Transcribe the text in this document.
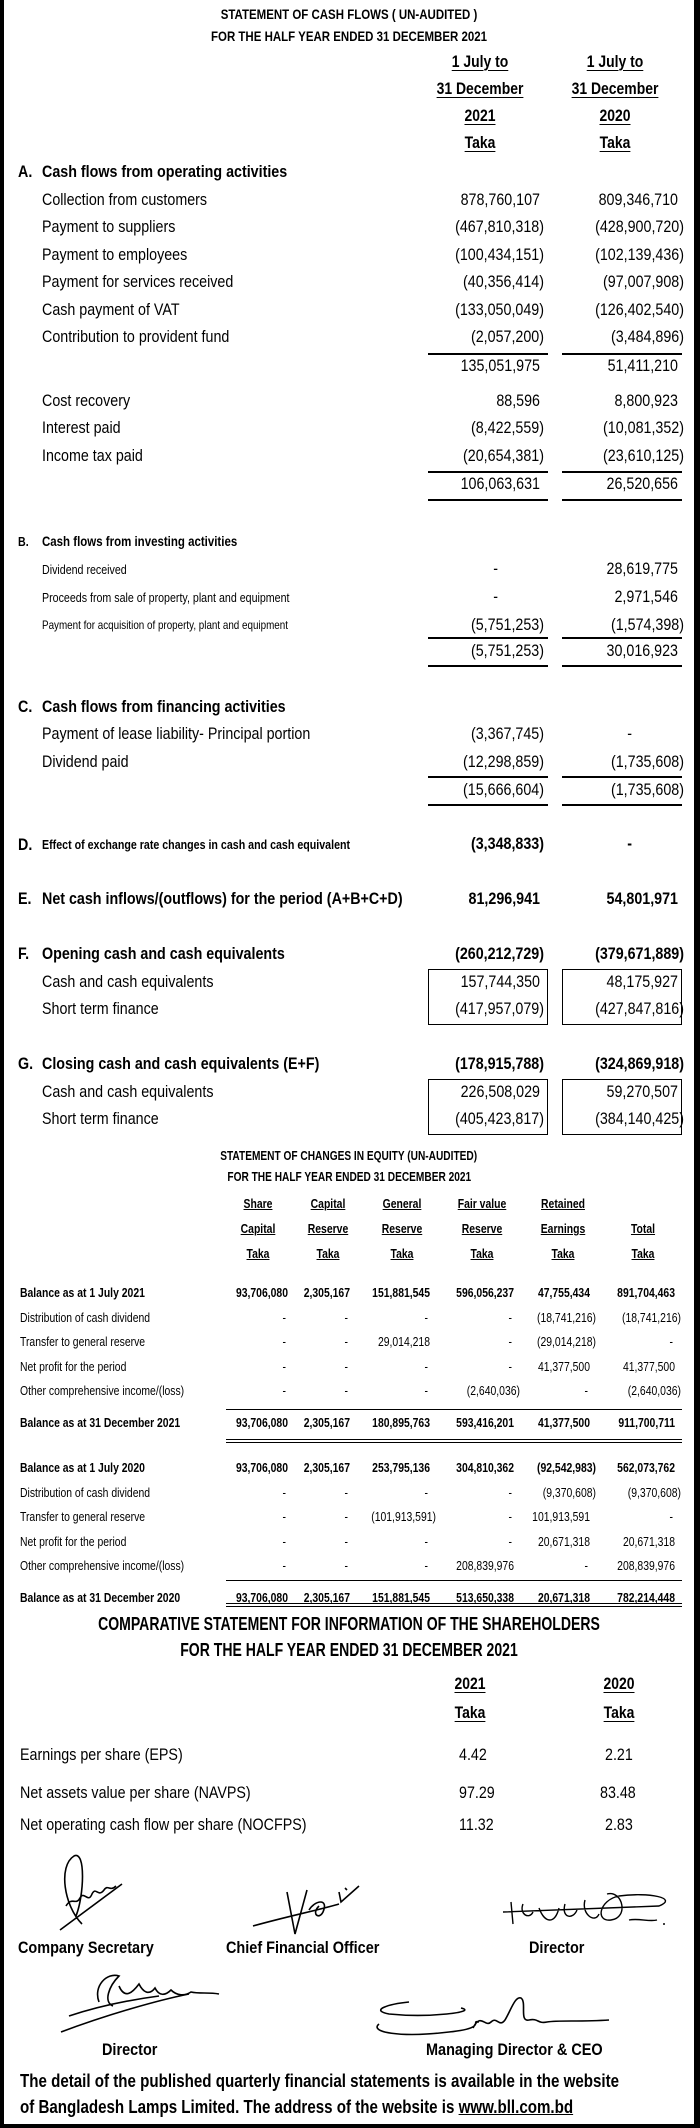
STATEMENT OF CASH FLOWS ( UN-AUDITED )
FOR THE HALF YEAR ENDED 31 DECEMBER 2021
1 July to
31 December
2021
Taka
1 July to
31 December
2020
Taka
A. Cash flows from operating activities
Collection from customers	878,760,107	809,346,710
Payment to suppliers	(467,810,318)	(428,900,720)
Payment to employees	(100,434,151)	(102,139,436)
Payment for services received	(40,356,414)	(97,007,908)
Cash payment of VAT	(133,050,049)	(126,402,540)
Contribution to provident fund	(2,057,200)	(3,484,896)
135,051,975	51,411,210
Cost recovery	88,596	8,800,923
Interest paid	(8,422,559)	(10,081,352)
Income tax paid	(20,654,381)	(23,610,125)
106,063,631	26,520,656
B. Cash flows from investing activities
Dividend received	-	28,619,775
Proceeds from sale of property, plant and equipment	-	2,971,546
Payment for acquisition of property, plant and equipment	(5,751,253)	(1,574,398)
(5,751,253)	30,016,923
C. Cash flows from financing activities
Payment of lease liability- Principal portion	(3,367,745)	-
Dividend paid	(12,298,859)	(1,735,608)
(15,666,604)	(1,735,608)
D. Effect of exchange rate changes in cash and cash equivalent	(3,348,833)	-
E. Net cash inflows/(outflows) for the period (A+B+C+D)	81,296,941	54,801,971
F. Opening cash and cash equivalents	(260,212,729)	(379,671,889)
Cash and cash equivalents	157,744,350	48,175,927
Short term finance	(417,957,079)	(427,847,816)
G. Closing cash and cash equivalents (E+F)	(178,915,788)	(324,869,918)
Cash and cash equivalents	226,508,029	59,270,507
Short term finance	(405,423,817)	(384,140,425)
STATEMENT OF CHANGES IN EQUITY (UN-AUDITED)
FOR THE HALF YEAR ENDED 31 DECEMBER 2021
Share
Capital
Taka
Capital
Reserve
Taka
General
Reserve
Taka
Fair value
Reserve
Taka
Retained
Earnings
Taka
Total
Taka
Balance as at 1 July 2021	93,706,080	2,305,167	151,881,545	596,056,237	47,755,434	891,704,463
Distribution of cash dividend	-	-	-	-	(18,741,216)	(18,741,216)
Transfer to general reserve	-	-	29,014,218	-	(29,014,218)	-
Net profit for the period	-	-	-	-	41,377,500	41,377,500
Other comprehensive income/(loss)	-	-	-	(2,640,036)	-	(2,640,036)
Balance as at 31 December 2021	93,706,080	2,305,167	180,895,763	593,416,201	41,377,500	911,700,711
Balance as at 1 July 2020	93,706,080	2,305,167	253,795,136	304,810,362	(92,542,983)	562,073,762
Distribution of cash dividend	-	-	-	-	(9,370,608)	(9,370,608)
Transfer to general reserve	-	-	(101,913,591)	-	101,913,591	-
Net profit for the period	-	-	-	-	20,671,318	20,671,318
Other comprehensive income/(loss)	-	-	-	208,839,976	-	208,839,976
Balance as at 31 December 2020	93,706,080	2,305,167	151,881,545	513,650,338	20,671,318	782,214,448
COMPARATIVE STATEMENT FOR INFORMATION OF THE SHAREHOLDERS
FOR THE HALF YEAR ENDED 31 DECEMBER 2021
2021
Taka
2020
Taka
Earnings per share (EPS)	4.42	2.21
Net assets value per share (NAVPS)	97.29	83.48
Net operating cash flow per share (NOCFPS)	11.32	2.83
Company Secretary	Chief Financial Officer	Director
Director	Managing Director & CEO
The detail of the published quarterly financial statements is available in the website
of Bangladesh Lamps Limited. The address of the website is www.bll.com.bd
